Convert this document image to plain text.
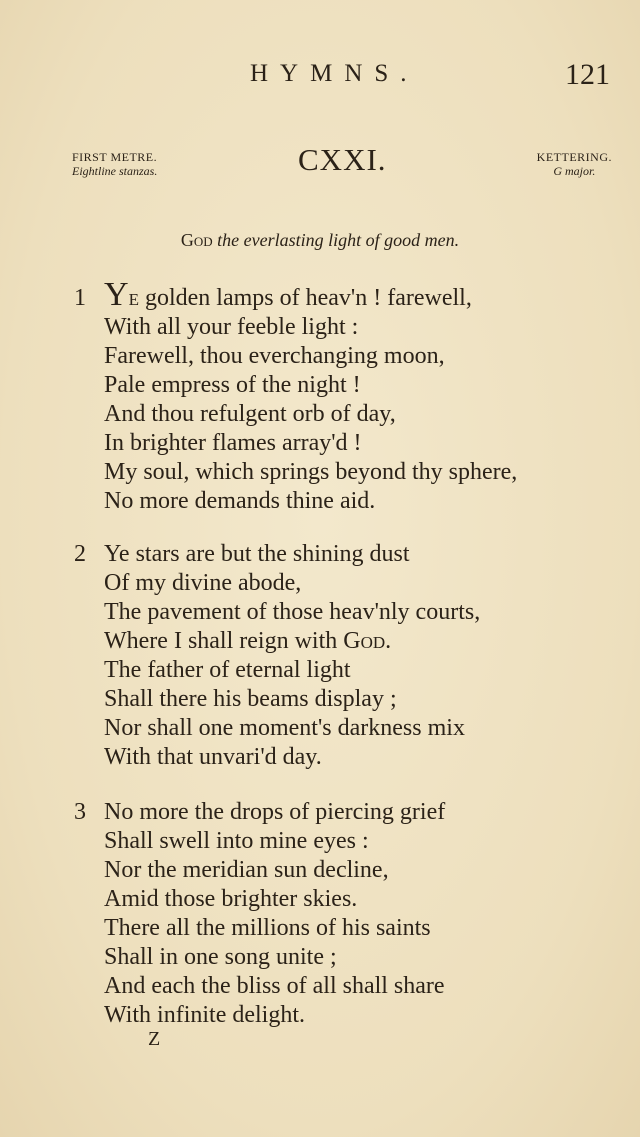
HYMNS.	121
FIRST METRE.
Eightline stanzas.	CXXI.	KETTERING.
G major.
God the everlasting light of good men.
1 Ye golden lamps of heav'n ! farewell,
With all your feeble light :
Farewell, thou everchanging moon,
Pale empress of the night !
And thou refulgent orb of day,
In brighter flames array'd !
My soul, which springs beyond thy sphere,
No more demands thine aid.
2 Ye stars are but the shining dust
Of my divine abode,
The pavement of those heav'nly courts,
Where I shall reign with God.
The father of eternal light
Shall there his beams display ;
Nor shall one moment's darkness mix
With that unvari'd day.
3 No more the drops of piercing grief
Shall swell into mine eyes :
Nor the meridian sun decline,
Amid those brighter skies.
There all the millions of his saints
Shall in one song unite ;
And each the bliss of all shall share
With infinite delight.
Z
